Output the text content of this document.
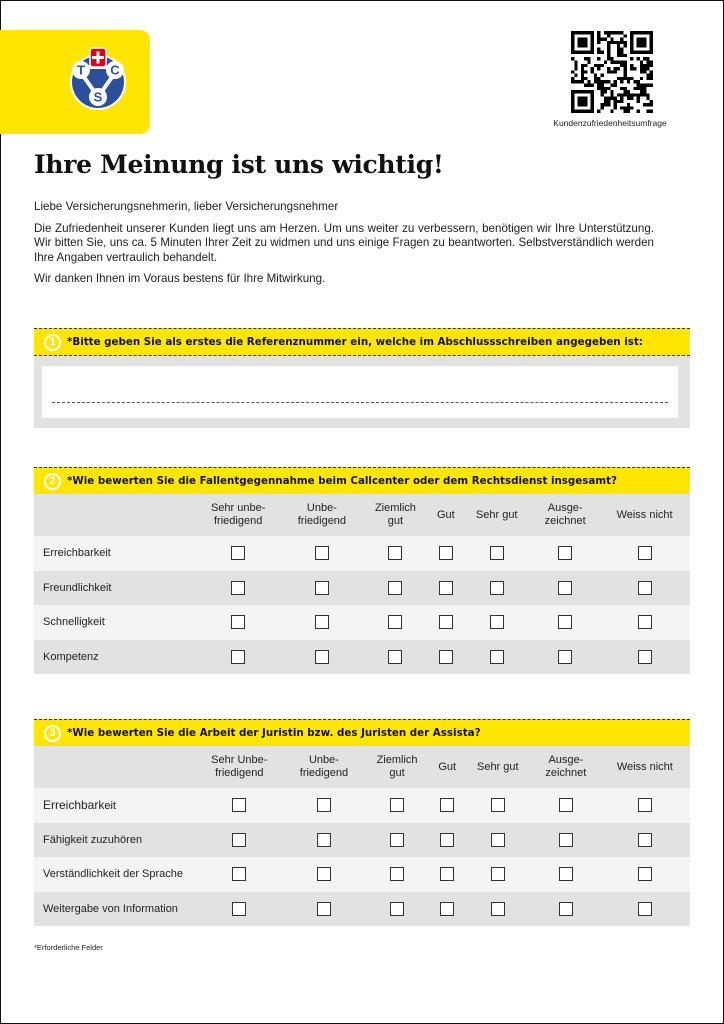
T C
S
Kundenzufriedenheitsumfrage
Ihre Meinung ist uns wichtig!

Liebe Versicherungsnehmerin, lieber Versicherungsnehmer

Die Zufriedenheit unserer Kunden liegt uns am Herzen. Um uns weiter zu verbessern, benötigen wir Ihre Unterstützung. Wir bitten Sie, uns ca. 5 Minuten Ihrer Zeit zu widmen und uns einige Fragen zu beantworten. Selbstverständlich werden Ihre Angaben vertraulich behandelt.

Wir danken Ihnen im Voraus bestens für Ihre Mitwirkung.

1	*Bitte geben Sie als erstes die Referenznummer ein, welche im Abschlussschreiben angegeben ist:
2	*Wie bewerten Sie die Fallentgegennahme beim Callcenter oder dem Rechtsdienst insgesamt?
	Sehr unbe-
friedigend	Unbe-
friedigend	Ziemlich
gut	Gut	Sehr gut	Ausge-
zeichnet	Weiss nicht
Erreichbarkeit							
Freundlichkeit							
Schnelligkeit							
Kompetenz							
3	*Wie bewerten Sie die Arbeit der Juristin bzw. des Juristen der Assista?
	Sehr Unbe-
friedigend	Unbe-
friedigend	Ziemlich
gut	Gut	Sehr gut	Ausge-
zeichnet	Weiss nicht
Erreichbarkeit							
Fähigkeit zuzuhören							
Verständlichkeit der Sprache							
Weitergabe von Information							
*Erforderliche Felder
